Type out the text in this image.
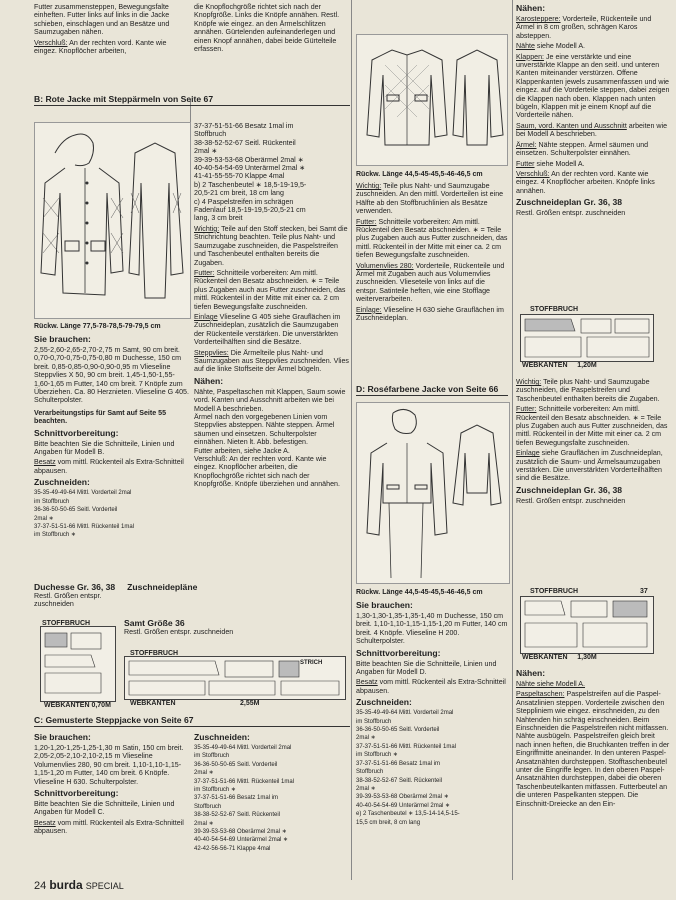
Futter zusammensteppen, Bewegungsfalte einheften. Futter links auf links in die Jacke schieben, einschlagen und an Besätze und Saumzugaben nähen.

Verschluß: An der rechten vord. Kante wie eingez. Knopflöcher arbeiten,

die Knopflochgröße richtet sich nach der Knopfgröße. Links die Knöpfe annähen. Restl. Knöpfe wie eingez. an den Ärmelschlitzen annähen. Gürtelenden aufeinanderlegen und einen Knopf annähen, dabei beide Gürtelteile erfassen.

B: Rote Jacke mit Steppärmeln von Seite 67

Rückw. Länge 77,5-78-78,5-79-79,5 cm

Sie brauchen:

2,55-2,60-2,65-2,70-2,75 m Samt, 90 cm breit. 0,70-0,70-0,75-0,75-0,80 m Duchesse, 150 cm breit. 0,85-0,85-0,90-0,90-0,95 m Vlieseline Steppvlies X 50, 90 cm breit. 1,45-1,50-1,55-1,60-1,65 m Futter, 140 cm breit. 7 Knöpfe zum Überziehen. Ca. 80 Herznieten. Vlieseline G 405. Schulterpolster.

Verarbeitungstips für Samt auf Seite 55 beachten.

Schnittvorbereitung:

Bitte beachten Sie die Schnitteile, Linien und Angaben für Modell B.

Besatz vom mittl. Rückenteil als Extra-Schnitteil abpausen.

Zuschneiden:

35-35-49-49-64 Mittl. Vorderteil 2mal
im Stoffbruch
36-36-50-50-65 Seitl. Vorderteil
2mal ∗
37-37-51-51-66 Mittl. Rückenteil 1mal
im Stoffbruch ∗

37-37-51-51-66 Besatz 1mal im
Stoffbruch
38-38-52-52-67 Seitl. Rückenteil
2mal ∗
39-39-53-53-68 Oberärmel 2mal ∗
40-40-54-54-69 Unterärmel 2mal ∗
41-41-55-55-70 Klappe 4mal
b) 2 Taschenbeutel ∗ 18,5-19-19,5-
20,5-21 cm breit, 18 cm lang
c) 4 Paspelstreifen im schrägen
Fadenlauf 18,5-19-19,5-20,5-21 cm
lang, 3 cm breit

Wichtig: Teile auf den Stoff stecken, bei Samt die Strichrichtung beachten. Teile plus Naht- und Saumzugabe zuschneiden, die Paspelstreifen und Taschenbeutel enthalten bereits die Zugaben.

Futter: Schnitteile vorbereiten: Am mittl. Rückenteil den Besatz abschneiden. ∗ = Teile plus Zugaben auch aus Futter zuschneiden, das mittl. Rückenteil in der Mitte mit einer ca. 2 cm tiefen Bewegungsfalte zuschneiden.

Einlage Vlieseline G 405 siehe Grauflächen im Zuschneideplan, zusätzlich die Saumzugaben der Rückenteile verstärken. Die unverstärkten Vorderteilhälften sind die Besätze.

Steppvlies: Die Ärmelteile plus Naht- und Saumzugaben aus Steppvlies zuschneiden. Vlies auf die linke Stoffseite der Ärmel bügeln.

Nähen:

Nähte, Paspeltaschen mit Klappen, Saum sowie vord. Kanten und Ausschnitt arbeiten wie bei Modell A beschrieben.
Ärmel nach den vorgegebenen Linien vom Steppvlies absteppen. Nähte steppen. Ärmel säumen und einsetzen. Schulterpolster einnähen. Nieten lt. Abb. befestigen.
Futter arbeiten, siehe Jacke A.
Verschluß: An der rechten vord. Kante wie eingez. Knopflöcher arbeiten, die Knopflochgröße richtet sich nach der Knopfgröße. Knöpfe überziehen und annähen.

Duchesse Gr. 36, 38 Zuschneidepläne

Restl. Größen entspr. zuschneiden

Samt Größe 36

Restl. Größen entspr. zuschneiden

STOFFBRUCH
WEBKANTEN 0,70M
STOFFBRUCH
STRICH
WEBKANTEN	2,55M
C: Gemusterte Steppjacke von Seite 67

Sie brauchen:

1,20-1,20-1,25-1,25-1,30 m Satin, 150 cm breit. 2,05-2,05-2,10-2,10-2,15 m Vlieseline Volumenvlies 280, 90 cm breit. 1,10-1,10-1,15-1,15-1,20 m Futter, 140 cm breit. 6 Knöpfe. Vlieseline H 630. Schulterpolster.

Schnittvorbereitung:

Bitte beachten Sie die Schnitteile, Linien und Angaben für Modell C.

Besatz vom mittl. Rückenteil als Extra-Schnitteil abpausen.

Zuschneiden:

35-35-49-49-64 Mittl. Vorderteil 2mal
im Stoffbruch
36-36-50-50-65 Seitl. Vorderteil
2mal ∗
37-37-51-51-66 Mittl. Rückenteil 1mal
im Stoffbruch ∗
37-37-51-51-66 Besatz 1mal im
Stoffbruch
38-38-52-52-67 Seitl. Rückenteil
2mal ∗
39-39-53-53-68 Oberärmel 2mal ∗
40-40-54-54-69 Unterärmel 2mal ∗
42-42-56-56-71 Klappe 4mal

Rückw. Länge 44,5-45-45,5-46-46,5 cm

Wichtig: Teile plus Naht- und Saumzugabe zuschneiden. An den mittl. Vorderteilen ist eine Hälfte ab den Stoffbruchlinien als Besätze verwenden.

Futter: Schnitteile vorbereiten: Am mittl. Rückenteil den Besatz abschneiden. ∗ = Teile plus Zugaben auch aus Futter zuschneiden, das mittl. Rückenteil in der Mitte mit einer ca. 2 cm tiefen Bewegungsfalte zuschneiden.

Volumenvlies 280: Vorderteile, Rückenteile und Ärmel mit Zugaben auch aus Volumenvlies zuschneiden. Vlieseteile von links auf die entspr. Satinteile heften, wie eine Stofflage weiterverarbeiten.

Einlage: Vlieseline H 630 siehe Grauflächen im Zuschneideplan.

D: Roséfarbene Jacke von Seite 66

Rückw. Länge 44,5-45-45,5-46-46,5 cm

Sie brauchen:

1,30-1,30-1,35-1,35-1,40 m Duchesse, 150 cm breit. 1,10-1,10-1,15-1,15-1,20 m Futter, 140 cm breit. 4 Knöpfe. Vlieseline H 200. Schulterpolster.

Schnittvorbereitung:

Bitte beachten Sie die Schnitteile, Linien und Angaben für Modell D.

Besatz vom mittl. Rückenteil als Extra-Schnitteil abpausen.

Zuschneiden:

35-35-49-49-64 Mittl. Vorderteil 2mal
im Stoffbruch
36-36-50-50-65 Seitl. Vorderteil
2mal ∗
37-37-51-51-66 Mittl. Rückenteil 1mal
im Stoffbruch ∗
37-37-51-51-66 Besatz 1mal im
Stoffbruch
38-38-52-52-67 Seitl. Rückenteil
2mal ∗
39-39-53-53-68 Oberärmel 2mal ∗
40-40-54-54-69 Unterärmel 2mal ∗
e) 2 Taschenbeutel ∗ 13,5-14-14,5-15-
15,5 cm breit, 8 cm lang

Nähen:

Karosteppere: Vorderteile, Rückenteile und Ärmel in 8 cm großen, schrägen Karos absteppen.

Nähte siehe Modell A.

Klappen: Je eine verstärkte und eine unverstärkte Klappe an den seitl. und unteren Kanten miteinander verstürzen. Offene Klappenkanten jewels zusammenfassen und wie eingez. auf die Vorderteile steppen, dabei zeigen die Klappen nach oben. Klappen nach unten bügeln, Klappen mit je einem Knopf auf die Vorderteile nähen.

Saum, vord. Kanten und Ausschnitt arbeiten wie bei Modell A beschrieben.

Ärmel: Nähte steppen. Ärmel säumen und einsetzen. Schulterpolster einnähen.

Futter siehe Modell A.

Verschluß: An der rechten vord. Kante wie eingez. 4 Knopflöcher arbeiten. Knöpfe links annähen.

Zuschneideplan Gr. 36, 38

Restl. Größen entspr. zuschneiden

STOFFBRUCH
WEBKANTEN 1,20M

Wichtig: Teile plus Naht- und Saumzugabe zuschneiden, die Paspelstreifen und Taschenbeutel enthalten bereits die Zugaben.

Futter: Schnitteile vorbereiten: Am mittl. Rückenteil den Besatz abschneiden. ∗ = Teile plus Zugaben auch aus Futter zuschneiden, das mittl. Rückenteil in der Mitte mit einer ca. 2 cm tiefen Bewegungsfalte zuschneiden.

Einlage siehe Grauflächen im Zuschneideplan, zusätzlich die Saum- und Ärmelsaumzugaben verstärken. Die unverstärkten Vorderteilhälften sind die Besätze.

Zuschneideplan Gr. 36, 38

Restl. Größen entspr. zuschneiden

STOFFBRUCH	37
WEBKANTEN 1,30M

Nähen:

Nähte siehe Modell A.

Paspeltaschen: Paspelstreifen auf die Paspel-Ansatzlinien steppen. Vorderteile zwischen den Steppliniem wie eingez. einschneiden, zu den Nahtenden hin schräg einschneiden. Beim Einschneiden die Paspelstreifen nicht mitfassen. Nähte ausbügeln. Paspelstreifen gleich breit nach innen heften, die Bruchkanten treffen in der Eingriffmitte aneinander. In den unteren Paspel-Ansatznähten durchsteppen. Stofftaschenbeutel unter die Eingriffe legen. In den oberen Paspel-Ansatznähten durchsteppen, dabei die oberen Taschenbeutelkanten mitfassen. Futterbeutel an die unteren Paspelkanten steppen. Die Einschnitt-Dreiecke an den Ein-

24 burda SPECIAL
